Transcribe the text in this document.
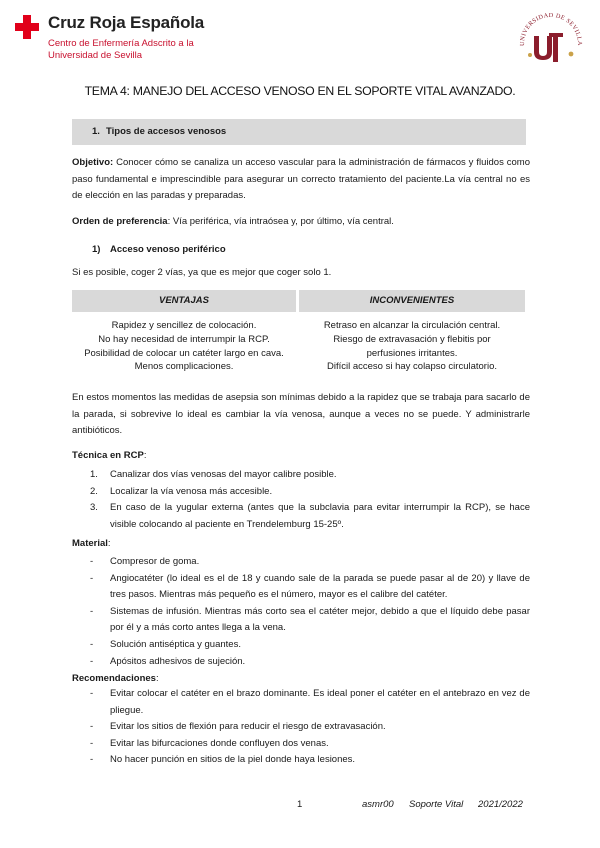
Cruz Roja Española
Centro de Enfermería Adscrito a la
Universidad de Sevilla
UNIVERSIDAD DE SEVILLA
TEMA 4: MANEJO DEL ACCESO VENOSO EN EL SOPORTE VITAL AVANZADO.
1. Tipos de accesos venosos
Objetivo: Conocer cómo se canaliza un acceso vascular para la administración de fármacos y fluidos como paso fundamental e imprescindible para asegurar un correcto tratamiento del paciente.La vía central no es de elección en las paradas y preparadas.
Orden de preferencia: Vía periférica, vía intraósea y, por último, vía central.
1) Acceso venoso periférico
Si es posible, coger 2 vías, ya que es mejor que coger solo 1.
VENTAJAS	INCONVENIENTES
Rapidez y sencillez de colocación.
No hay necesidad de interrumpir la RCP.
Posibilidad de colocar un catéter largo en cava.
Menos complicaciones.
Retraso en alcanzar la circulación central.
Riesgo de extravasación y flebitis por
perfusiones irritantes.
Difícil acceso si hay colapso circulatorio.
En estos momentos las medidas de asepsia son mínimas debido a la rapidez que se trabaja para sacarlo de la parada, si sobrevive lo ideal es cambiar la vía venosa, aunque a veces no se puede. Y administrarle antibióticos.
Técnica en RCP:
1. Canalizar dos vías venosas del mayor calibre posible.
2. Localizar la vía venosa más accesible.
3. En caso de la yugular externa (antes que la subclavia para evitar interrumpir la RCP), se hace visible colocando al paciente en Trendelemburg 15-25º.
Material:
- Compresor de goma.
- Angiocatéter (lo ideal es el de 18 y cuando sale de la parada se puede pasar al de 20) y llave de tres pasos. Mientras más pequeño es el número, mayor es el calibre del catéter.
- Sistemas de infusión. Mientras más corto sea el catéter mejor, debido a que el líquido debe pasar por él y a más corto antes llega a la vena.
- Solución antiséptica y guantes.
- Apósitos adhesivos de sujeción.
Recomendaciones:
- Evitar colocar el catéter en el brazo dominante. Es ideal poner el catéter en el antebrazo en vez de pliegue.
- Evitar los sitios de flexión para reducir el riesgo de extravasación.
- Evitar las bifurcaciones donde confluyen dos venas.
- No hacer punción en sitios de la piel donde haya lesiones.
1	asmr00 Soporte Vital 2021/2022
